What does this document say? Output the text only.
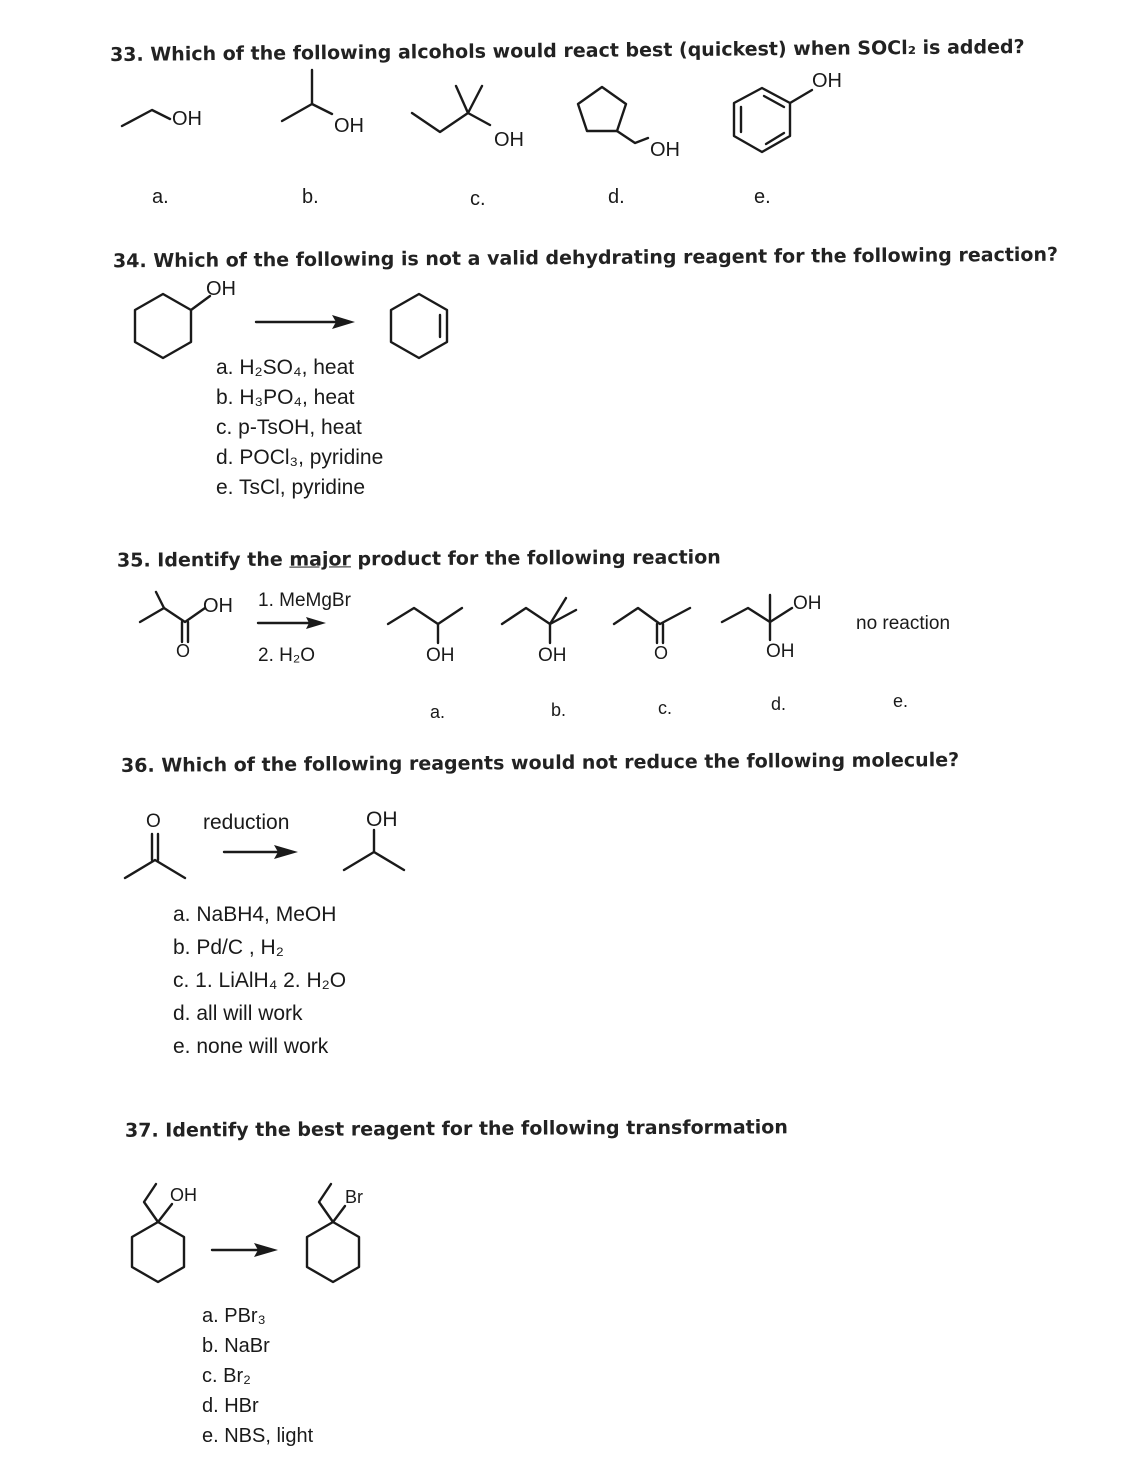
33. Which of the following alcohols would react best (quickest) when SOCl₂ is added?
OH	OH
OH	OH
OH
a.	b.	c.	d.	e.
34. Which of the following is not a valid dehydrating reagent for the following reaction?
OH
a. H₂SO₄, heat
b. H₃PO₄, heat
c. p-TsOH, heat
d. POCl₃, pyridine
e. TsCl, pyridine
35. Identify the major product for the following reaction
OH
O
1. MeMgBr
2. H₂O	OH	OH	O
OH
OH
no reaction
a.	b.	c.	d.	e.
36. Which of the following reagents would not reduce the following molecule?
reduction
O	OH
a. NaBH4, MeOH
b. Pd/C , H₂
c. 1. LiAlH₄ 2. H₂O
d. all will work
e. none will work
37. Identify the best reagent for the following transformation
OH	Br
a. PBr₃
b. NaBr
c. Br₂
d. HBr
e. NBS, light
